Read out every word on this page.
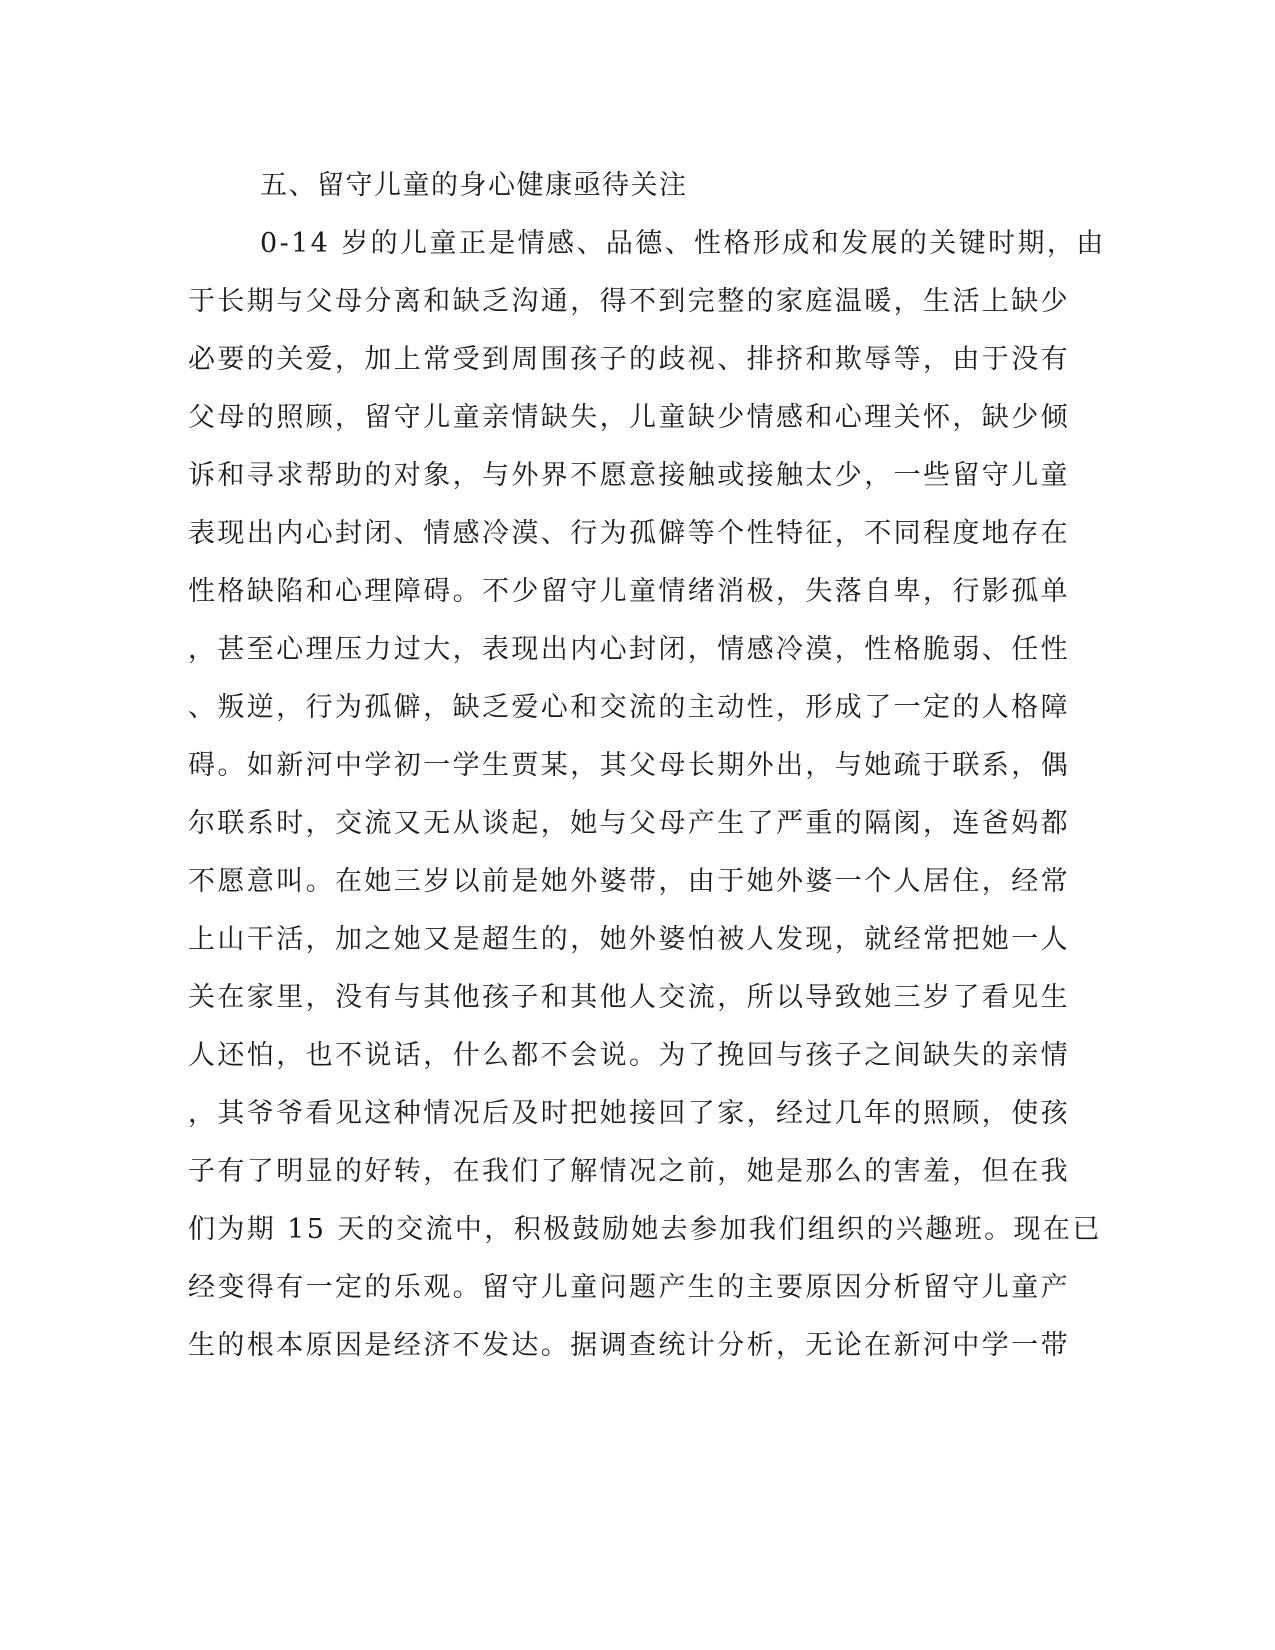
五、留守儿童的身心健康亟待关注
0-14 岁的儿童正是情感、品德、性格形成和发展的关键时期，由
于长期与父母分离和缺乏沟通，得不到完整的家庭温暖，生活上缺少
必要的关爱，加上常受到周围孩子的歧视、排挤和欺辱等，由于没有
父母的照顾，留守儿童亲情缺失，儿童缺少情感和心理关怀，缺少倾
诉和寻求帮助的对象，与外界不愿意接触或接触太少，一些留守儿童
表现出内心封闭、情感冷漠、行为孤僻等个性特征，不同程度地存在
性格缺陷和心理障碍。不少留守儿童情绪消极，失落自卑，行影孤单
，甚至心理压力过大，表现出内心封闭，情感冷漠，性格脆弱、任性
、叛逆，行为孤僻，缺乏爱心和交流的主动性，形成了一定的人格障
碍。如新河中学初一学生贾某，其父母长期外出，与她疏于联系，偶
尔联系时，交流又无从谈起，她与父母产生了严重的隔阂，连爸妈都
不愿意叫。在她三岁以前是她外婆带，由于她外婆一个人居住，经常
上山干活，加之她又是超生的，她外婆怕被人发现，就经常把她一人
关在家里，没有与其他孩子和其他人交流，所以导致她三岁了看见生
人还怕，也不说话，什么都不会说。为了挽回与孩子之间缺失的亲情
，其爷爷看见这种情况后及时把她接回了家，经过几年的照顾，使孩
子有了明显的好转，在我们了解情况之前，她是那么的害羞，但在我
们为期 15 天的交流中，积极鼓励她去参加我们组织的兴趣班。现在已
经变得有一定的乐观。留守儿童问题产生的主要原因分析留守儿童产
生的根本原因是经济不发达。据调查统计分析，无论在新河中学一带
